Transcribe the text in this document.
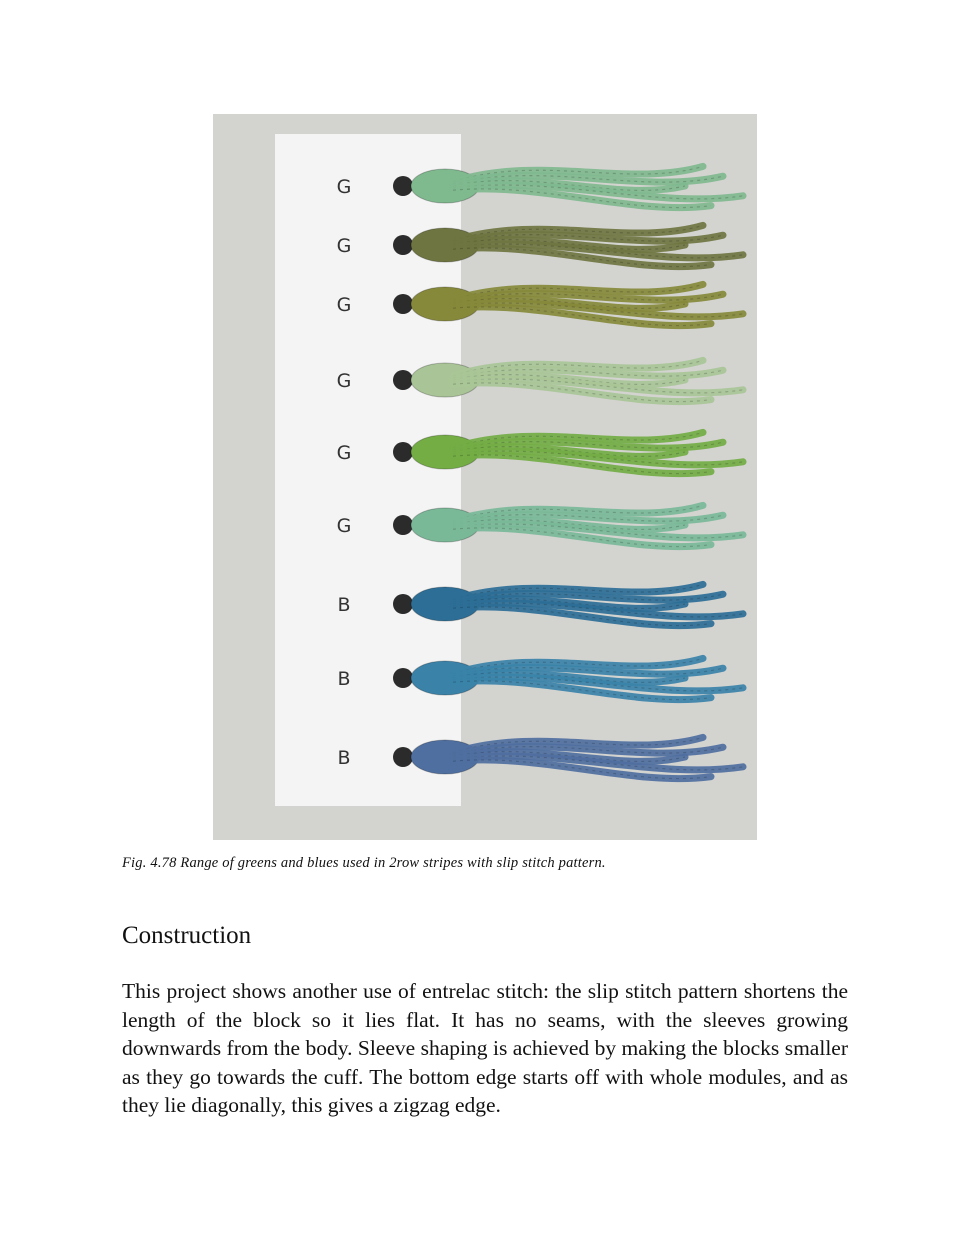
G
G
G
G
G
G
B
B
B
Fig. 4.78 Range of greens and blues used in 2row stripes with slip stitch pattern.
Construction

This project shows another use of entrelac stitch: the slip stitch pattern shortens the length of the block so it lies flat. It has no seams, with the sleeves growing downwards from the body. Sleeve shaping is achieved by making the blocks smaller as they go towards the cuff. The bottom edge starts off with whole modules, and as they lie diagonally, this gives a zigzag edge.
